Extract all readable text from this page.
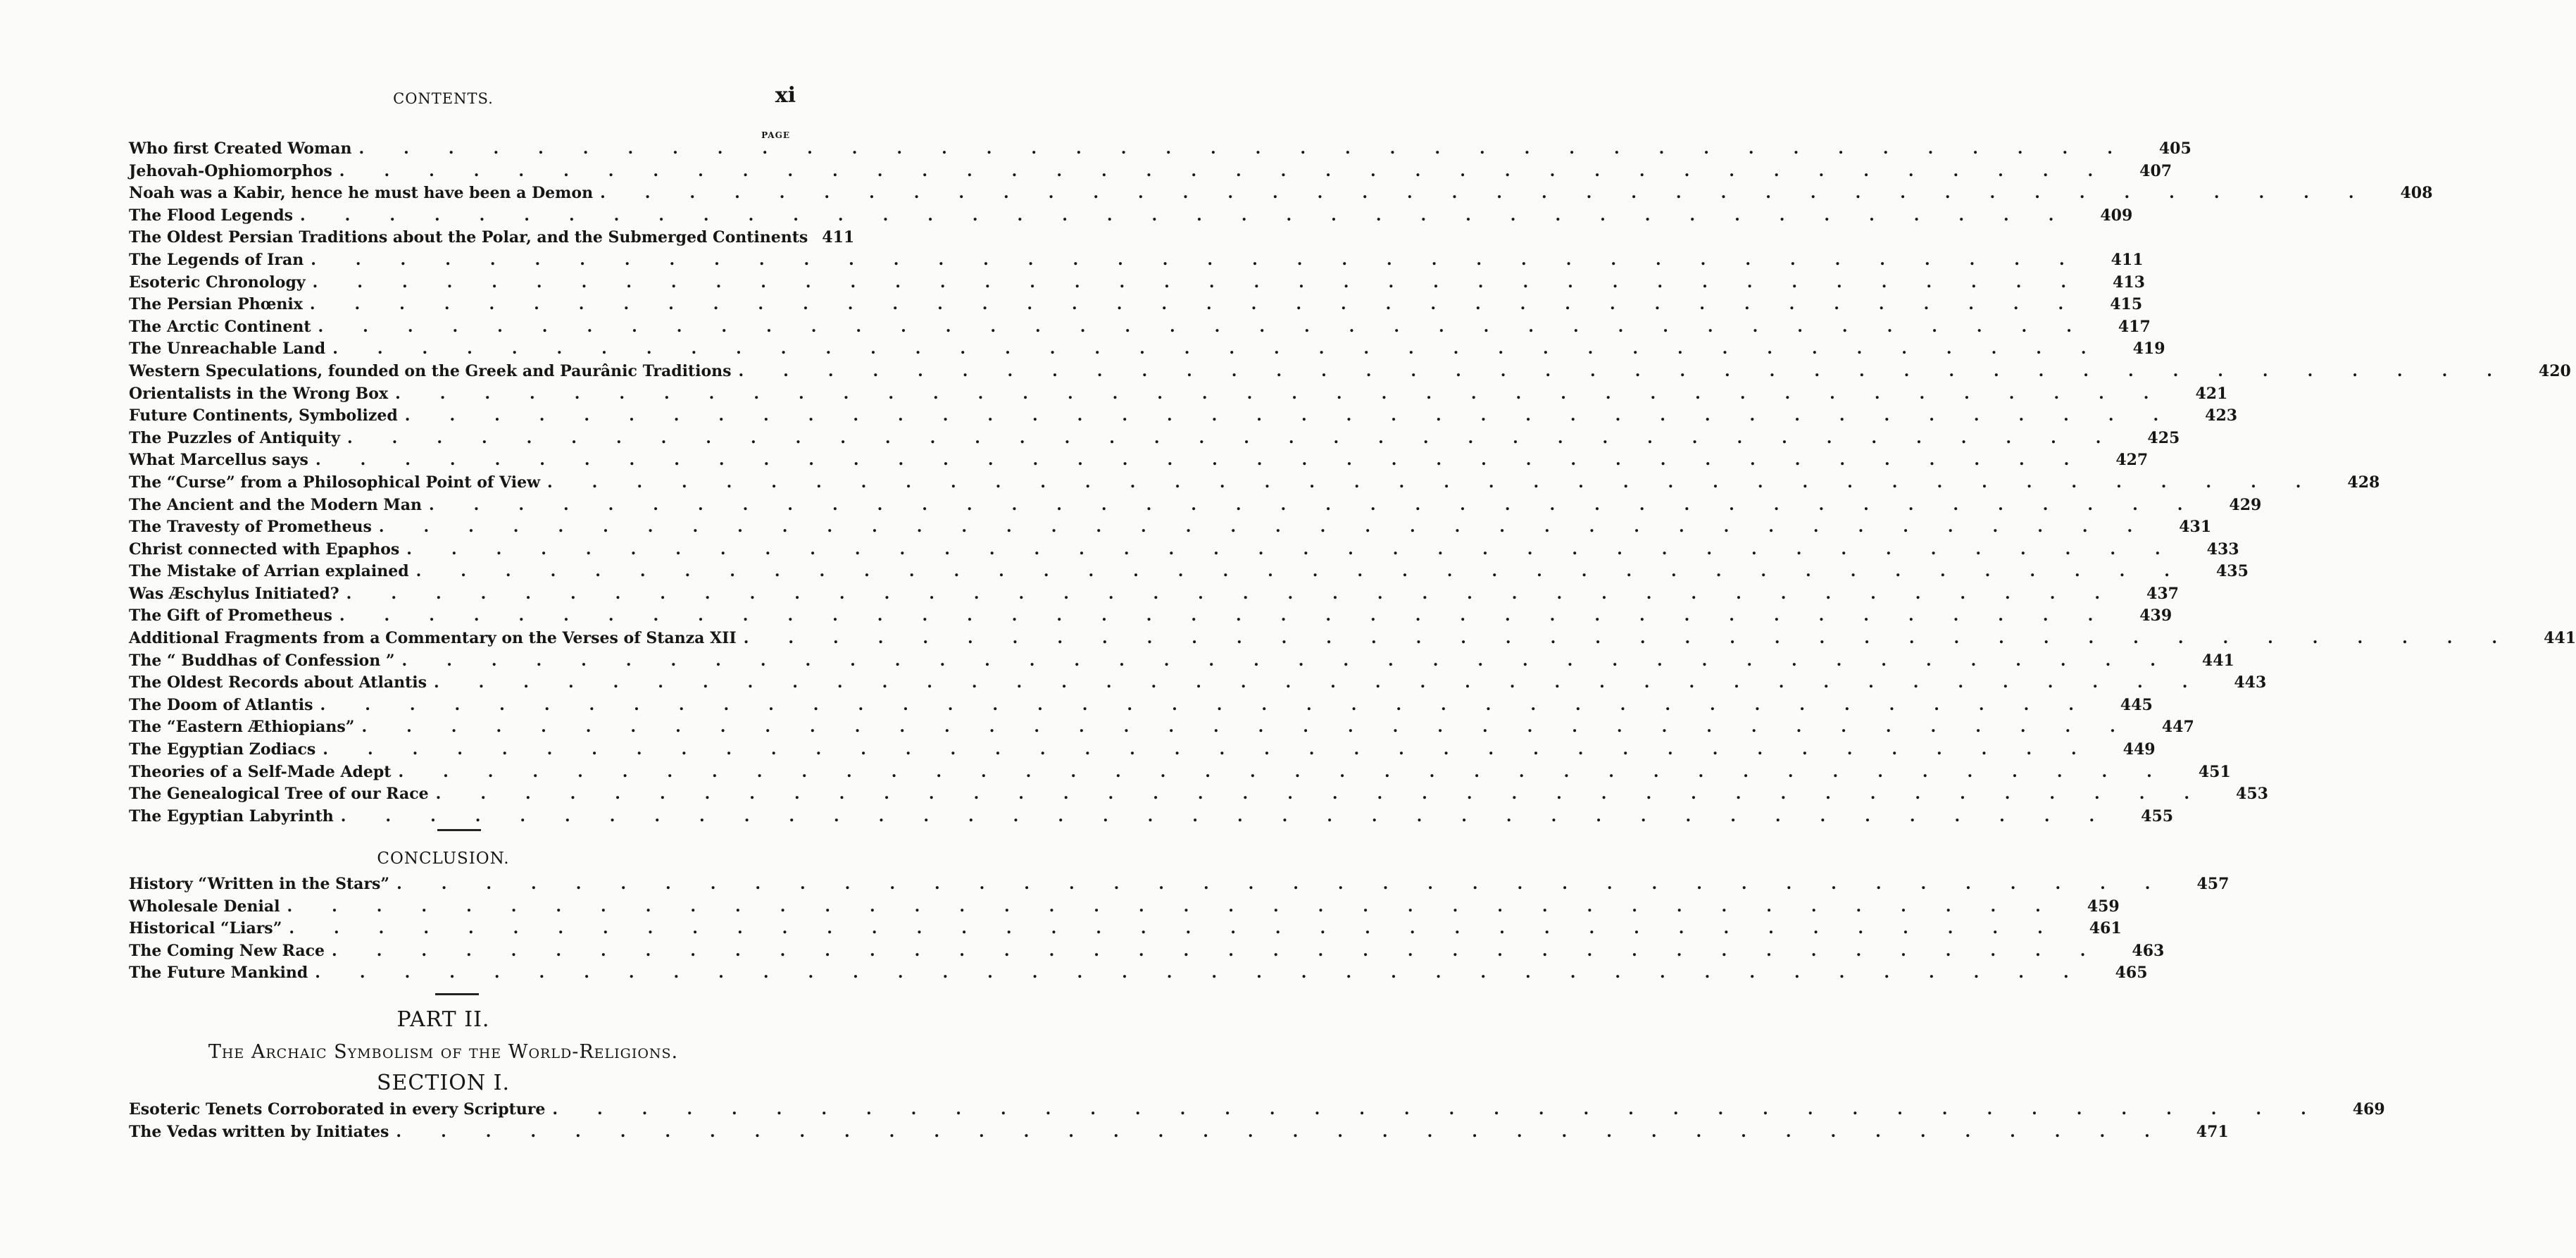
CONTENTS.	xi
PAGE
Who first Created Woman ........................................ 405
Jehovah-Ophiomorphos ........................................ 407
Noah was a Kabir, hence he must have been a Demon ........................................ 408
The Flood Legends ........................................ 409
The Oldest Persian Traditions about the Polar, and the Submerged Continents 411
The Legends of Iran ........................................ 411
Esoteric Chronology ........................................ 413
The Persian Phœnix ........................................ 415
The Arctic Continent ........................................ 417
The Unreachable Land ........................................ 419
Western Speculations, founded on the Greek and Paurânic Traditions ........................................ 420
Orientalists in the Wrong Box ........................................ 421
Future Continents, Symbolized ........................................ 423
The Puzzles of Antiquity ........................................ 425
What Marcellus says ........................................ 427
The “Curse” from a Philosophical Point of View ........................................ 428
The Ancient and the Modern Man ........................................ 429
The Travesty of Prometheus ........................................ 431
Christ connected with Epaphos ........................................ 433
The Mistake of Arrian explained ........................................ 435
Was Æschylus Initiated? ........................................ 437
The Gift of Prometheus ........................................ 439
Additional Fragments from a Commentary on the Verses of Stanza XII ........................................ 441
The “ Buddhas of Confession ” ........................................ 441
The Oldest Records about Atlantis ........................................ 443
The Doom of Atlantis ........................................ 445
The “Eastern Æthiopians” ........................................ 447
The Egyptian Zodiacs ........................................ 449
Theories of a Self-Made Adept ........................................ 451
The Genealogical Tree of our Race ........................................ 453
The Egyptian Labyrinth ........................................ 455
CONCLUSION.
History “Written in the Stars” ........................................ 457
Wholesale Denial ........................................ 459
Historical “Liars” ........................................ 461
The Coming New Race ........................................ 463
The Future Mankind ........................................ 465
PART II.
The Archaic Symbolism of the World-Religions.
SECTION I.
Esoteric Tenets Corroborated in every Scripture ........................................ 469
The Vedas written by Initiates ........................................ 471
